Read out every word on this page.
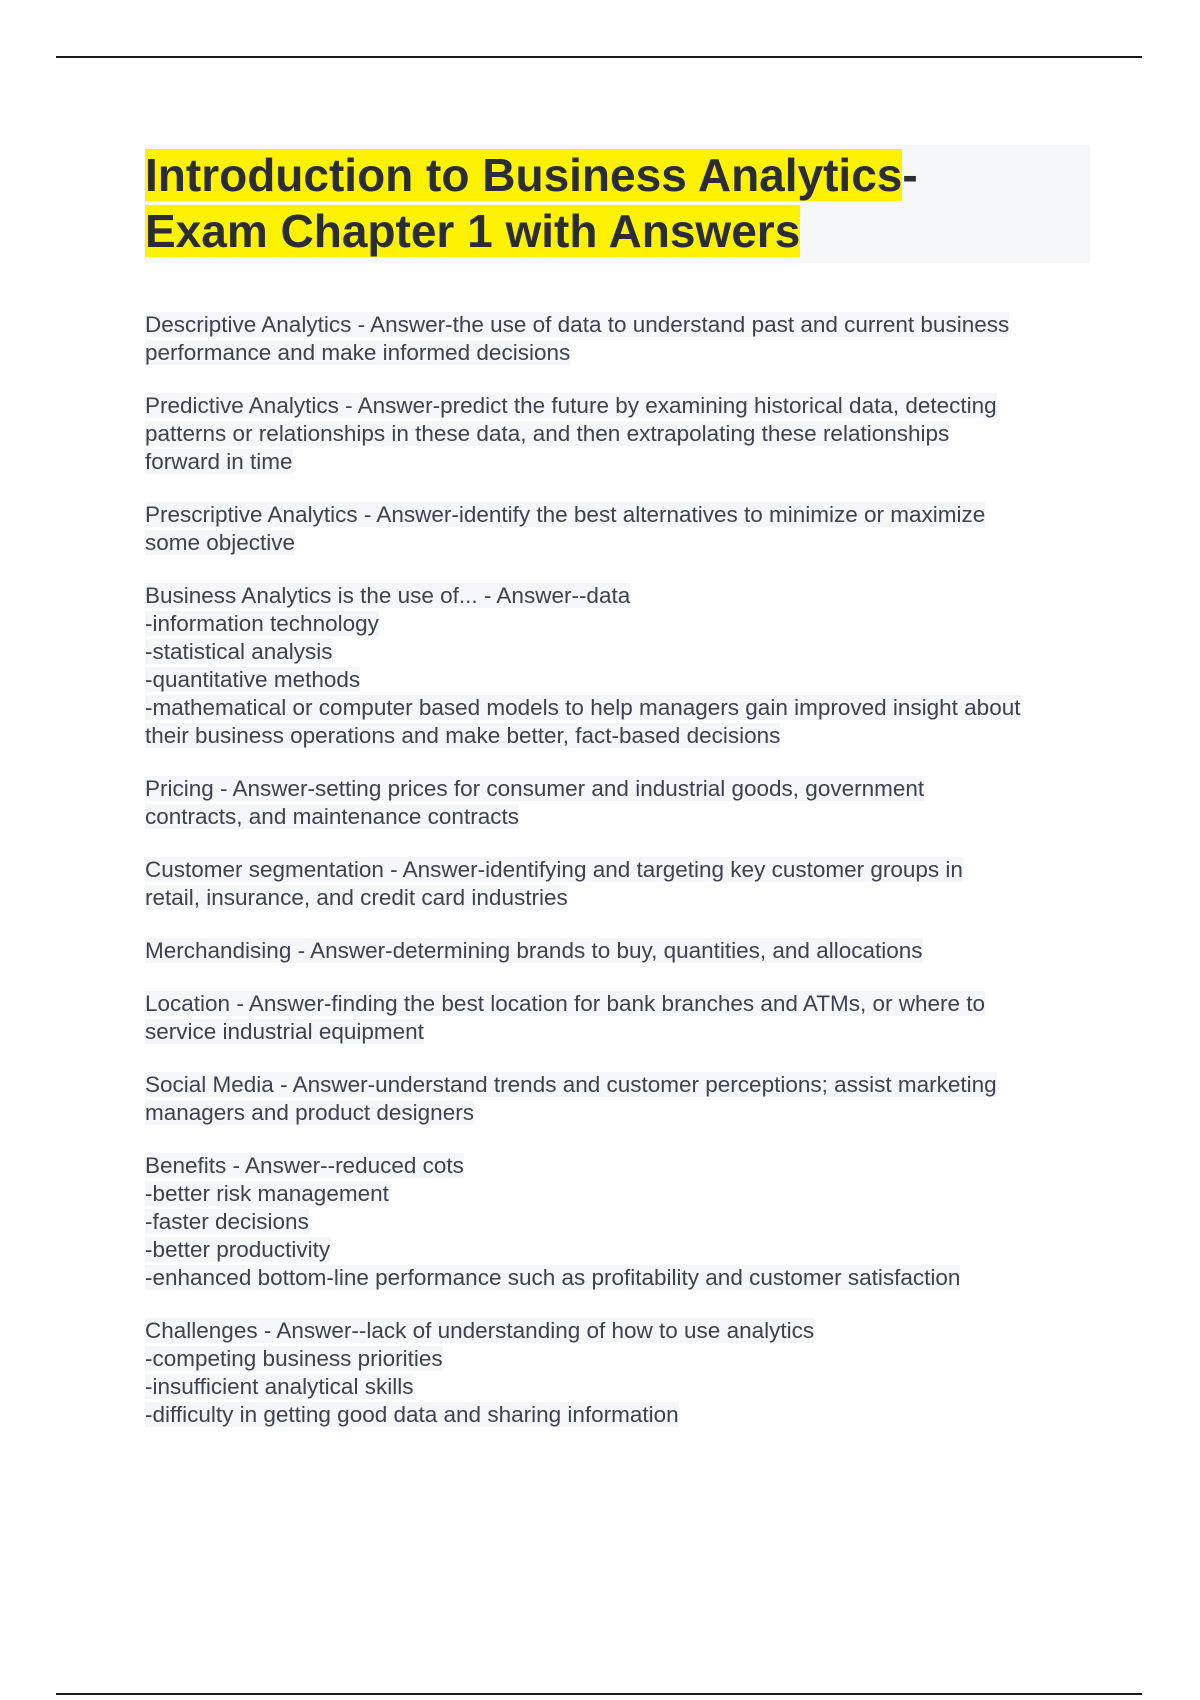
Introduction to Business Analytics-
Exam Chapter 1 with Answers

Descriptive Analytics - Answer-the use of data to understand past and current business
performance and make informed decisions

Predictive Analytics - Answer-predict the future by examining historical data, detecting
patterns or relationships in these data, and then extrapolating these relationships
forward in time

Prescriptive Analytics - Answer-identify the best alternatives to minimize or maximize
some objective

Business Analytics is the use of... - Answer--data
-information technology
-statistical analysis
-quantitative methods
-mathematical or computer based models to help managers gain improved insight about
their business operations and make better, fact-based decisions

Pricing - Answer-setting prices for consumer and industrial goods, government
contracts, and maintenance contracts

Customer segmentation - Answer-identifying and targeting key customer groups in
retail, insurance, and credit card industries

Merchandising - Answer-determining brands to buy, quantities, and allocations

Location - Answer-finding the best location for bank branches and ATMs, or where to
service industrial equipment

Social Media - Answer-understand trends and customer perceptions; assist marketing
managers and product designers

Benefits - Answer--reduced cots
-better risk management
-faster decisions
-better productivity
-enhanced bottom-line performance such as profitability and customer satisfaction

Challenges - Answer--lack of understanding of how to use analytics
-competing business priorities
-insufficient analytical skills
-difficulty in getting good data and sharing information
